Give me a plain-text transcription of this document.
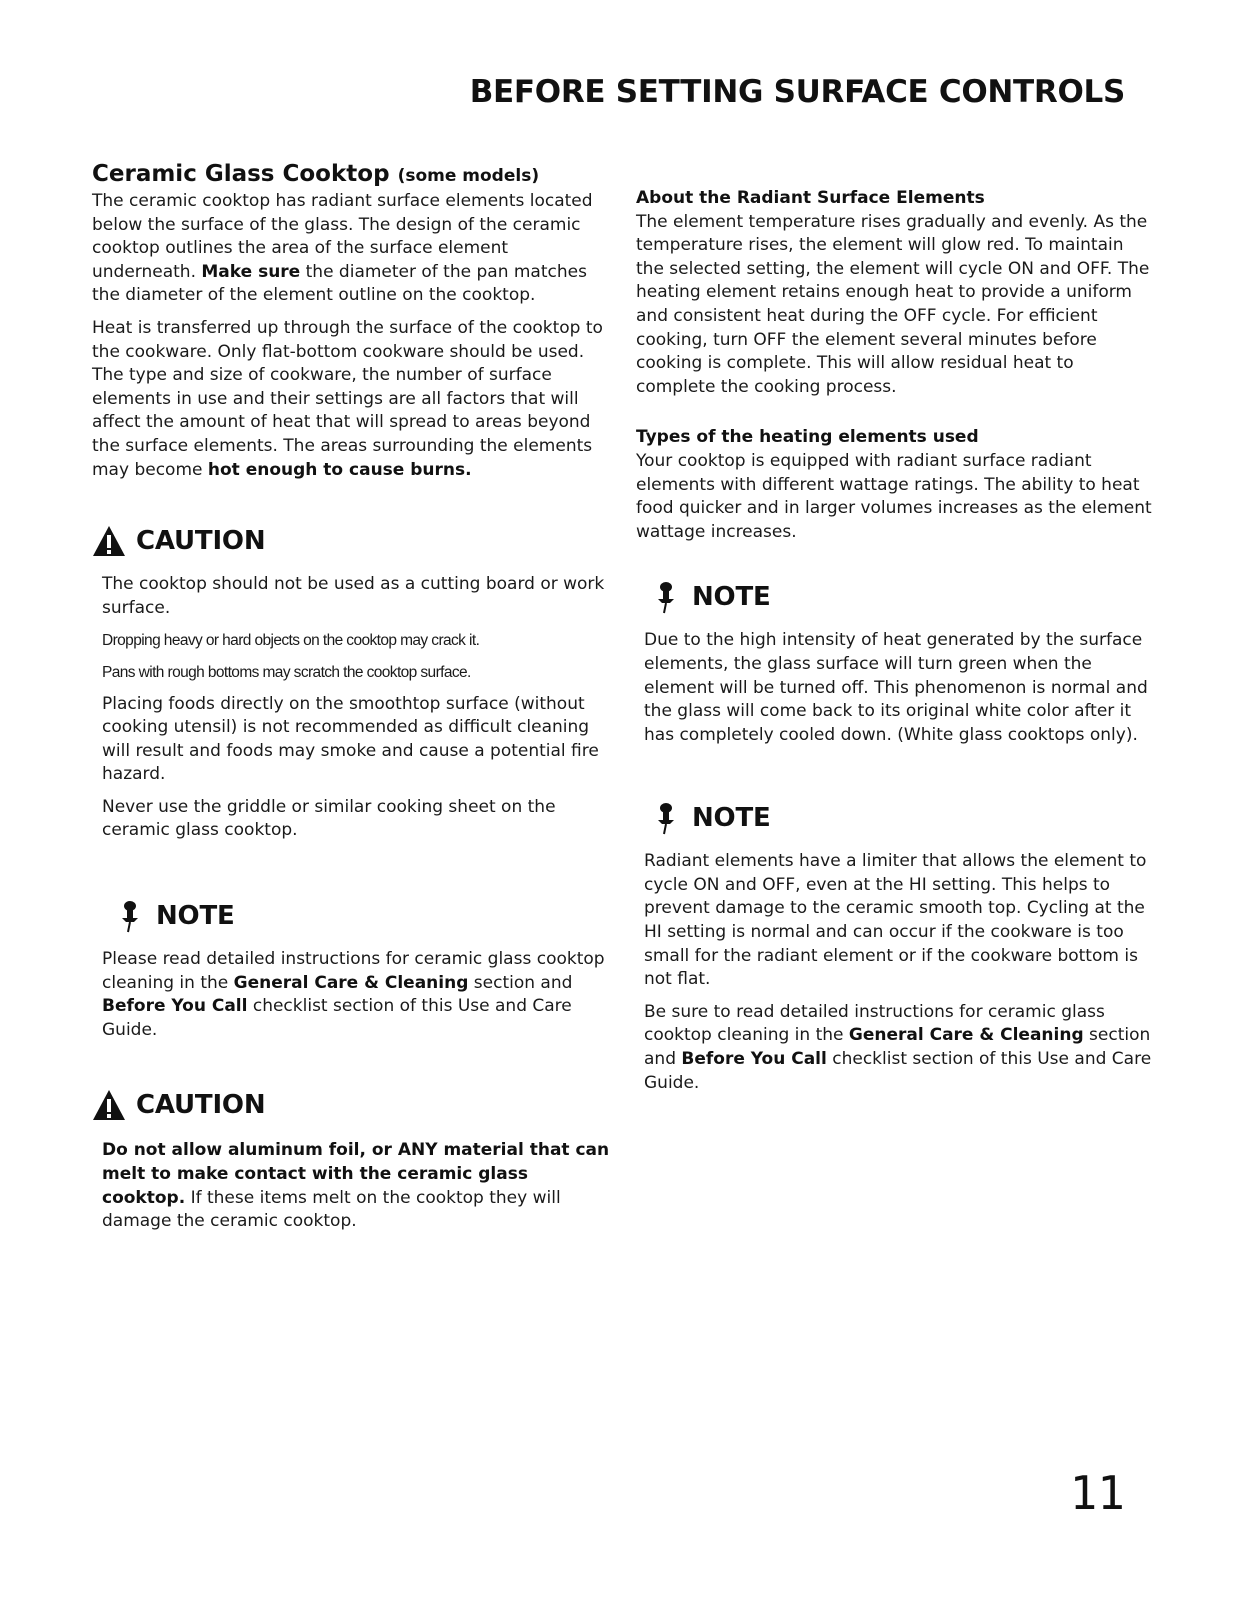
BEFORE SETTING SURFACE CONTROLS
Ceramic Glass Cooktop (some models)

The ceramic cooktop has radiant surface elements located below the surface of the glass. The design of the ceramic cooktop outlines the area of the surface element underneath. Make sure the diameter of the pan matches the diameter of the element outline on the cooktop.

Heat is transferred up through the surface of the cooktop to the cookware. Only flat-bottom cookware should be used. The type and size of cookware, the number of surface elements in use and their settings are all factors that will affect the amount of heat that will spread to areas beyond the surface elements. The areas surrounding the elements may become hot enough to cause burns.

CAUTION

The cooktop should not be used as a cutting board or work surface.

Dropping heavy or hard objects on the cooktop may crack it.

Pans with rough bottoms may scratch the cooktop surface.

Placing foods directly on the smoothtop surface (without cooking utensil) is not recommended as difficult cleaning will result and foods may smoke and cause a potential fire hazard.

Never use the griddle or similar cooking sheet on the ceramic glass cooktop.

NOTE

Please read detailed instructions for ceramic glass cooktop cleaning in the General Care & Cleaning section and Before You Call checklist section of this Use and Care Guide.

CAUTION

Do not allow aluminum foil, or ANY material that can melt to make contact with the ceramic glass cooktop. If these items melt on the cooktop they will damage the ceramic cooktop.

About the Radiant Surface Elements

The element temperature rises gradually and evenly. As the temperature rises, the element will glow red. To maintain the selected setting, the element will cycle ON and OFF. The heating element retains enough heat to provide a uniform and consistent heat during the OFF cycle. For efficient cooking, turn OFF the element several minutes before cooking is complete. This will allow residual heat to complete the cooking process.

Types of the heating elements used

Your cooktop is equipped with radiant surface radiant elements with different wattage ratings. The ability to heat food quicker and in larger volumes increases as the element wattage increases.

NOTE

Due to the high intensity of heat generated by the surface elements, the glass surface will turn green when the element will be turned off. This phenomenon is normal and the glass will come back to its original white color after it has completely cooled down. (White glass cooktops only).

NOTE

Radiant elements have a limiter that allows the element to cycle ON and OFF, even at the HI setting. This helps to prevent damage to the ceramic smooth top. Cycling at the HI setting is normal and can occur if the cookware is too small for the radiant element or if the cookware bottom is not flat.

Be sure to read detailed instructions for ceramic glass cooktop cleaning in the General Care & Cleaning section and Before You Call checklist section of this Use and Care Guide.

11
